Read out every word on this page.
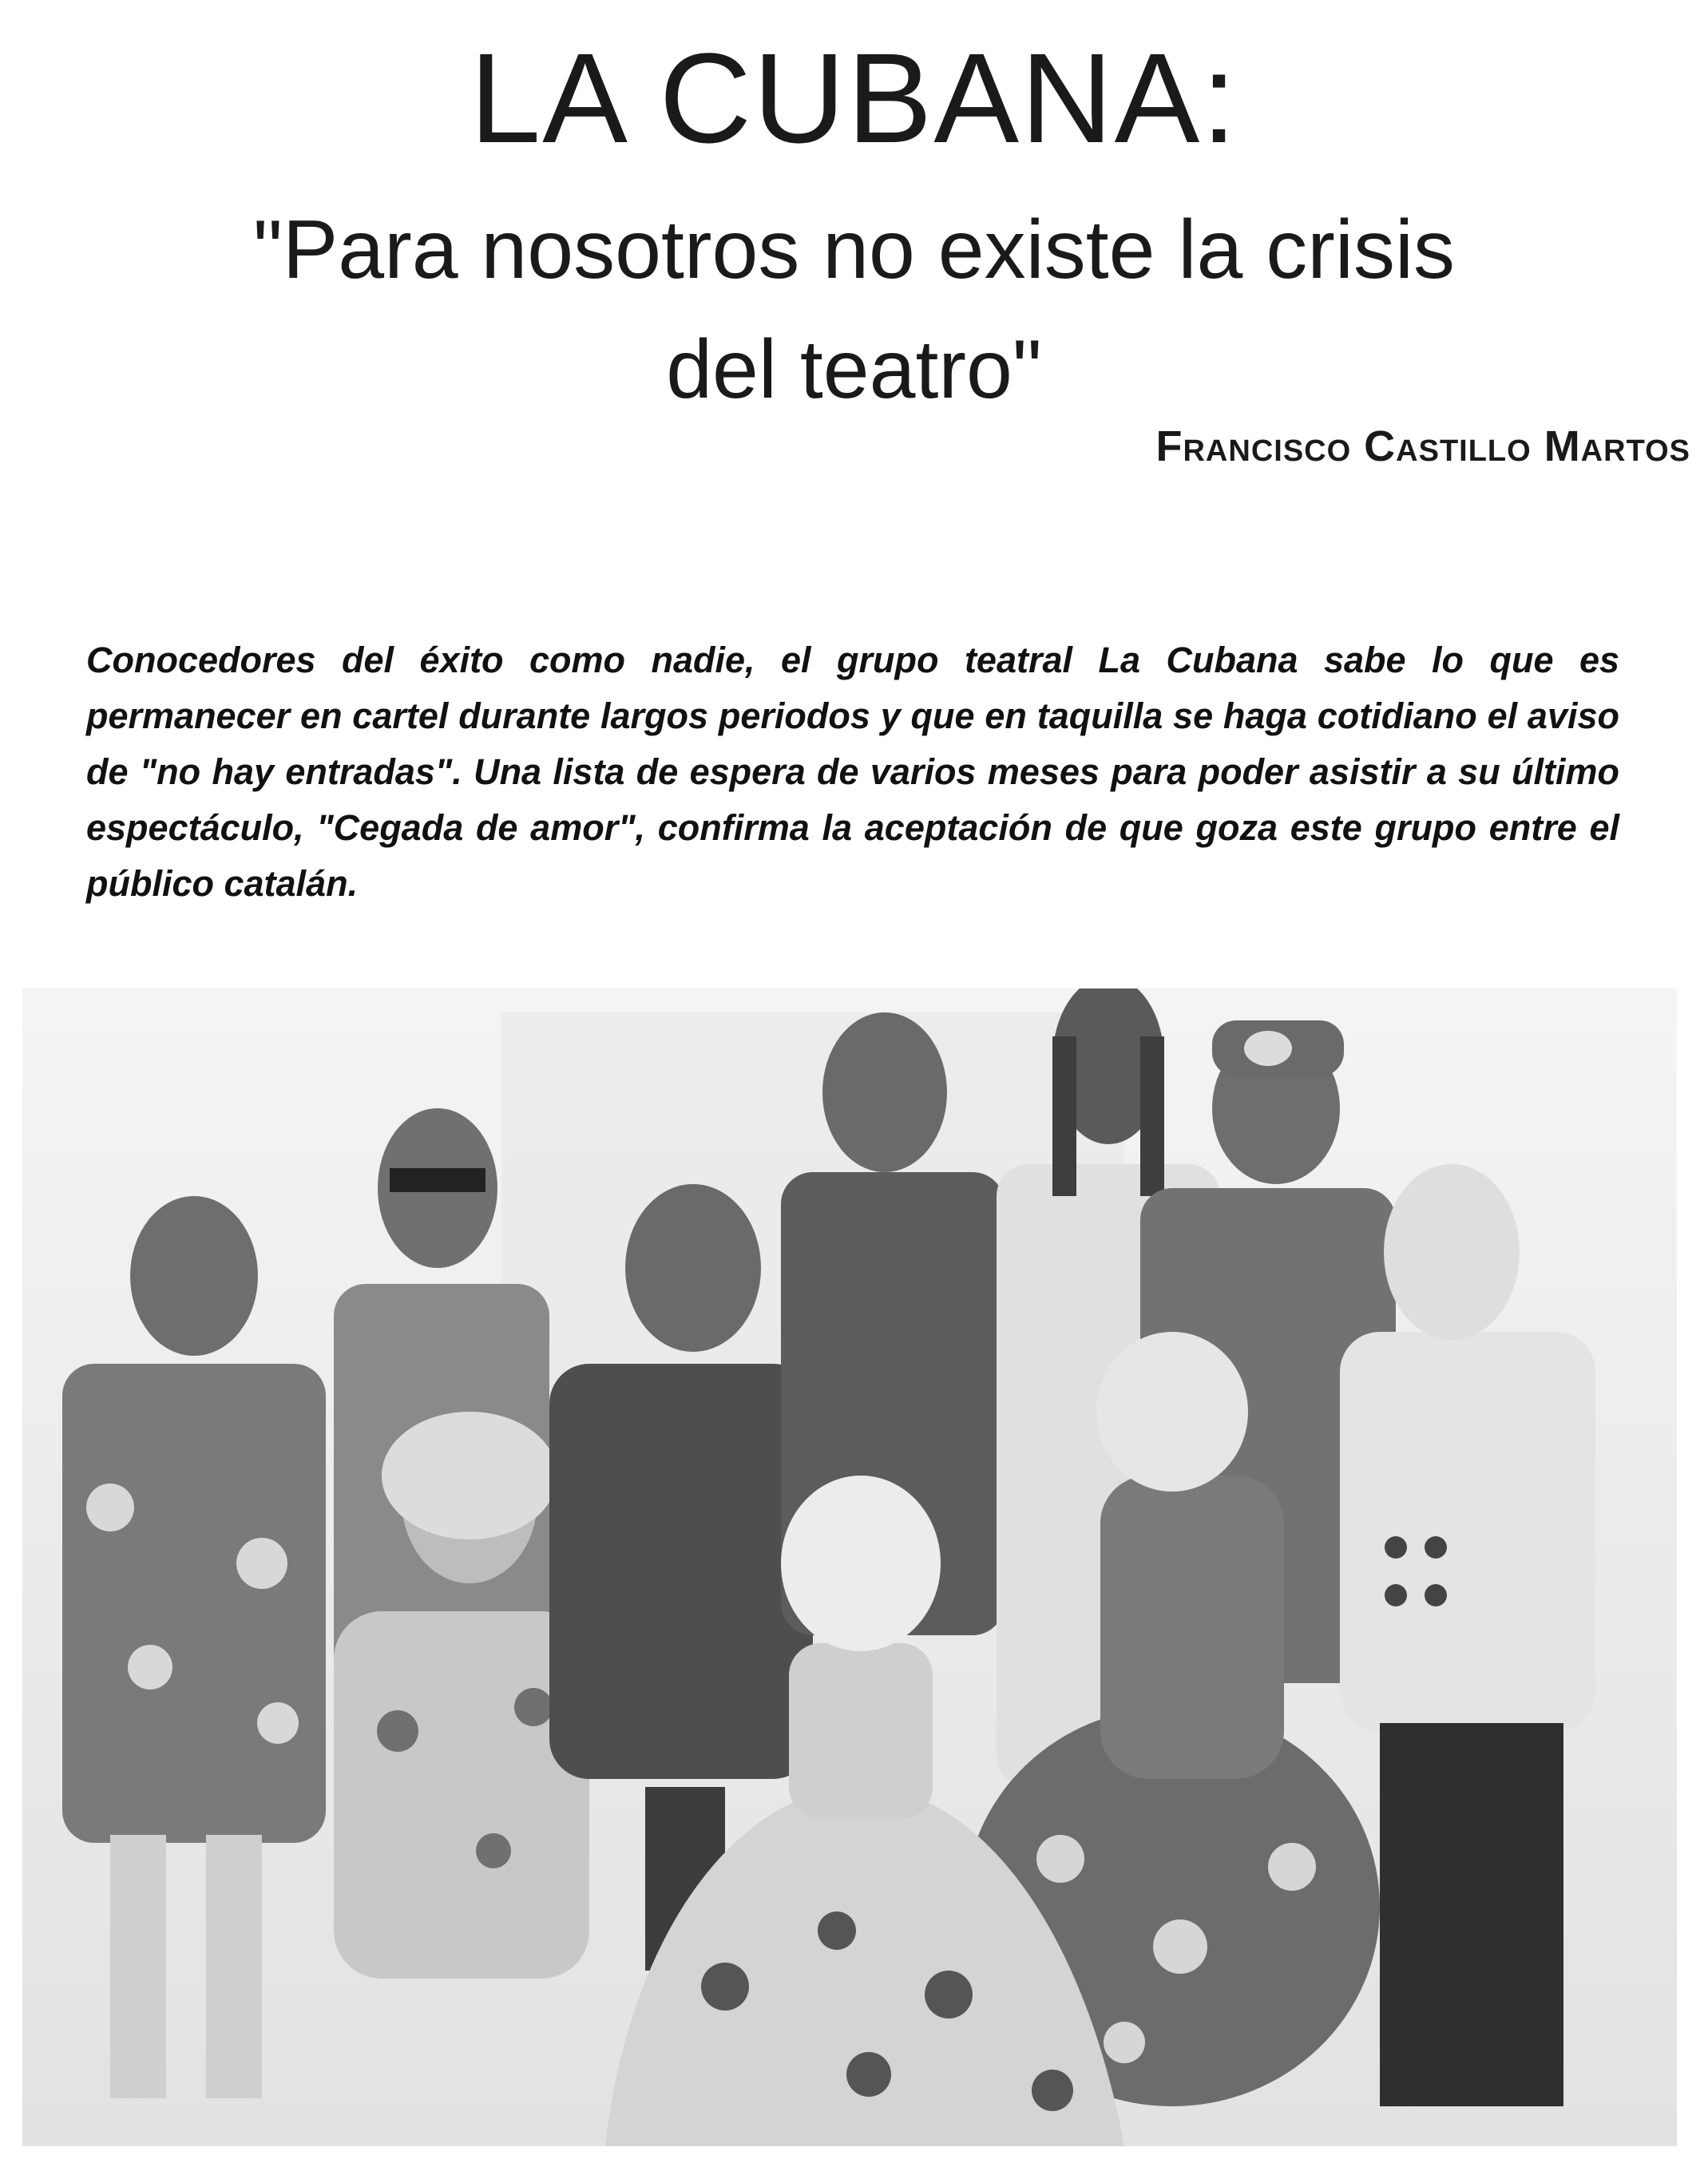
LA CUBANA:
"Para nosotros no existe la crisis
del teatro"
Francisco Castillo Martos

Conocedores del éxito como nadie, el grupo teatral La Cubana sabe lo que es permanecer en cartel durante largos periodos y que en taquilla se haga cotidiano el aviso de "no hay entradas". Una lista de espera de varios meses para poder asistir a su último espectáculo, "Cegada de amor", confirma la aceptación de que goza este grupo entre el público catalán.
